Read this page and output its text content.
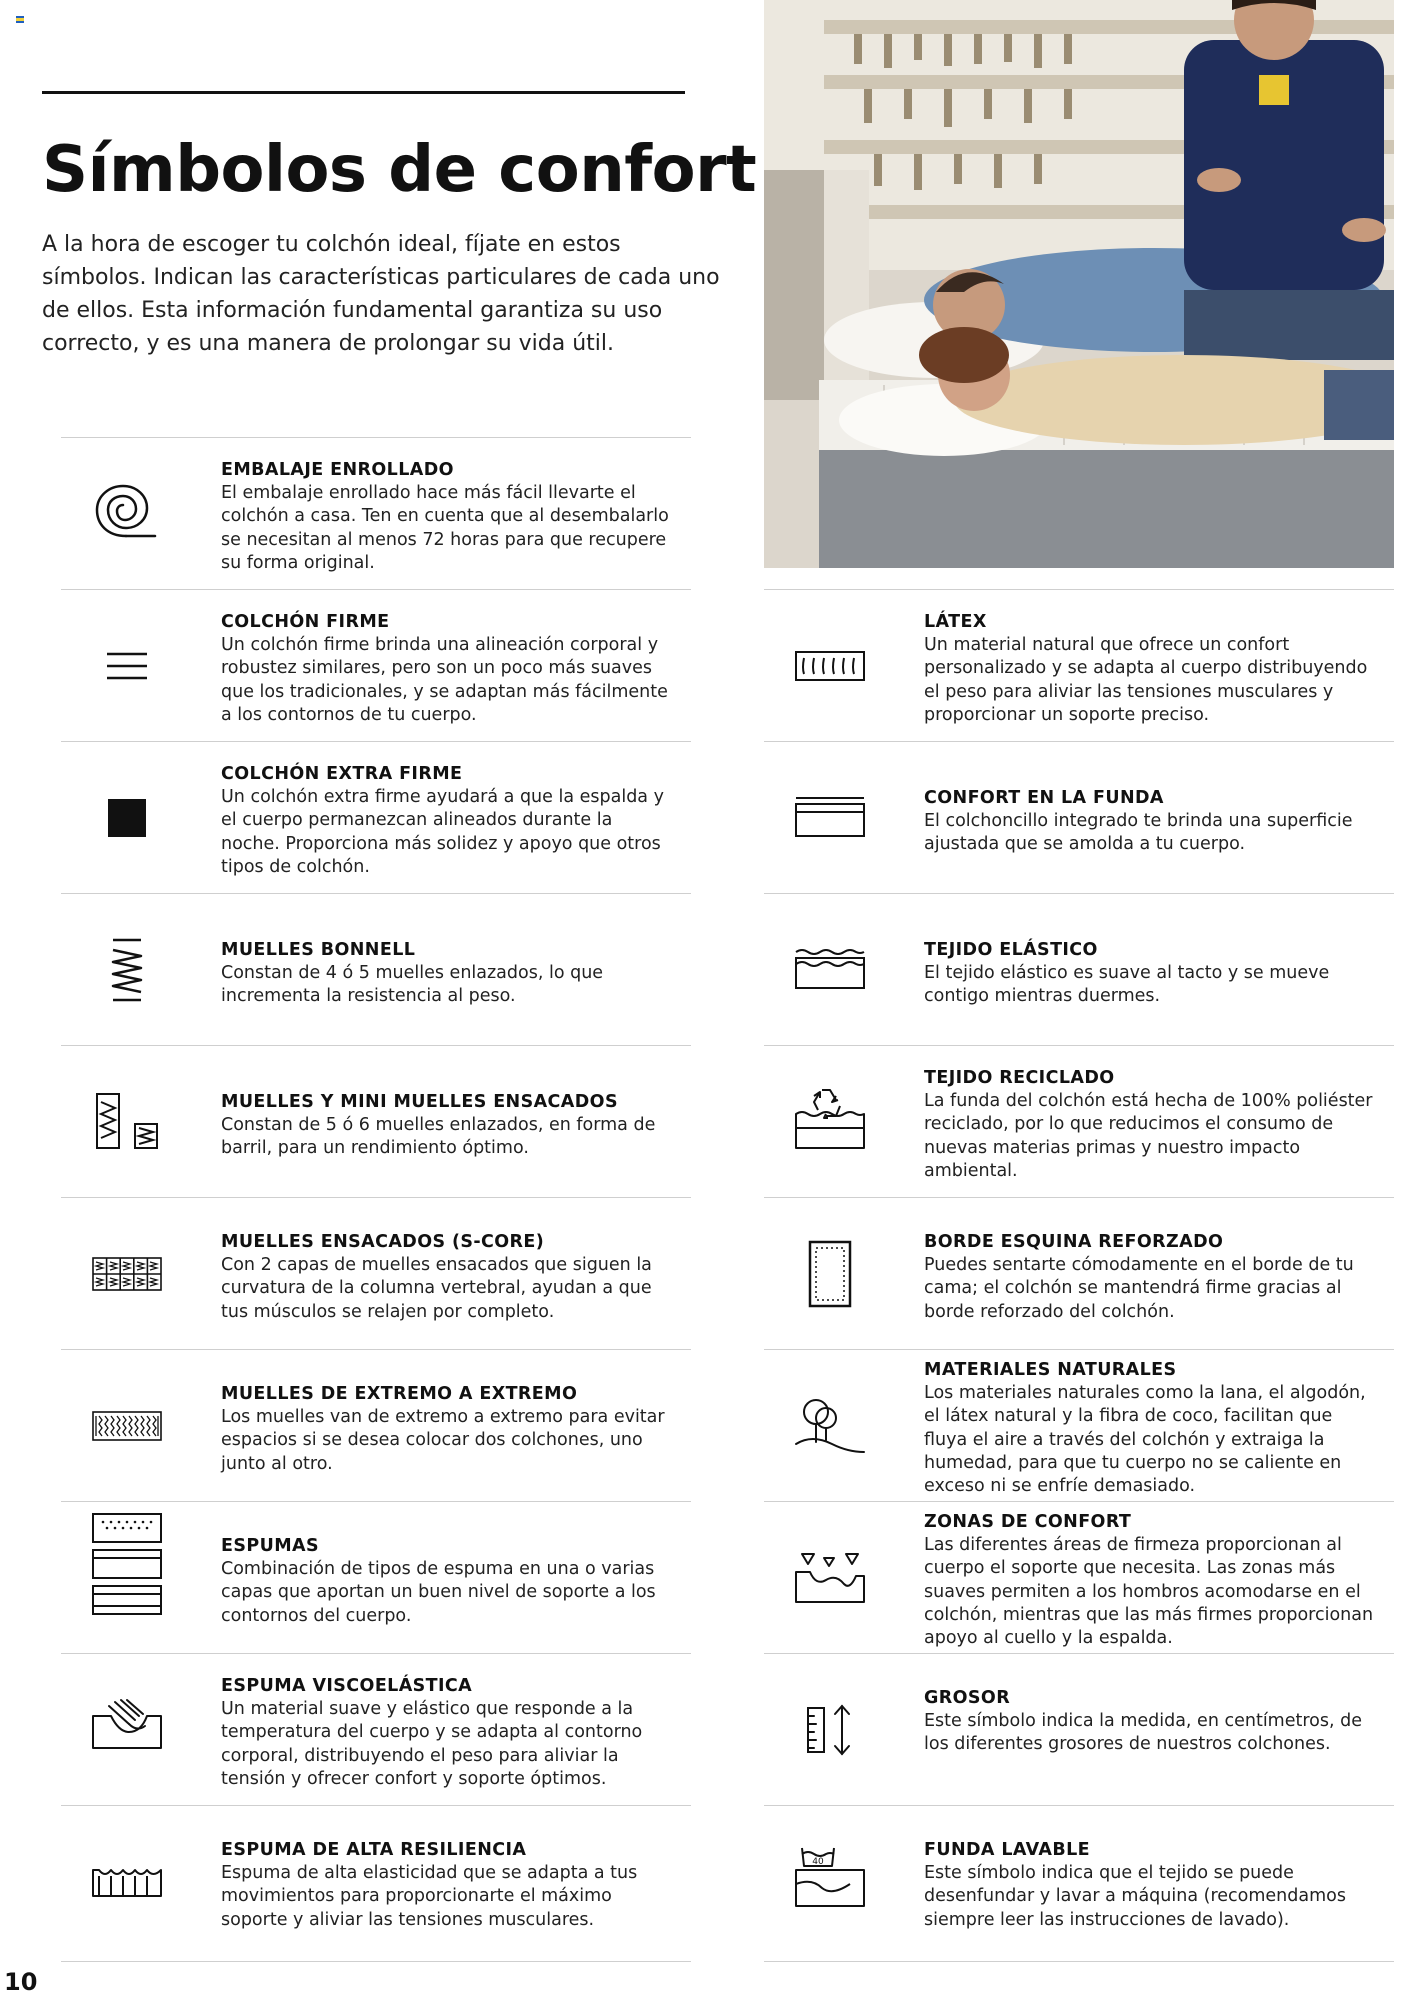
Símbolos de confort

A la hora de escoger tu colchón ideal, fíjate en estos símbolos. Indican las características particulares de cada uno de ellos. Esta información fundamental garantiza su uso correcto, y es una manera de prolongar su vida útil.

EMBALAJE ENROLLADO
El embalaje enrollado hace más fácil llevarte el colchón a casa. Ten en cuenta que al desembalarlo se necesitan al menos 72 horas para que recupere su forma original.
COLCHÓN FIRME
Un colchón firme brinda una alineación corporal y robustez similares, pero son un poco más suaves que los tradicionales, y se adaptan más fácilmente a los contornos de tu cuerpo.
COLCHÓN EXTRA FIRME
Un colchón extra firme ayudará a que la espalda y el cuerpo permanezcan alineados durante la noche. Proporciona más solidez y apoyo que otros tipos de colchón.
MUELLES BONNELL
Constan de 4 ó 5 muelles enlazados, lo que incrementa la resistencia al peso.
MUELLES Y MINI MUELLES ENSACADOS
Constan de 5 ó 6 muelles enlazados, en forma de barril, para un rendimiento óptimo.
MUELLES ENSACADOS (S-CORE)
Con 2 capas de muelles ensacados que siguen la curvatura de la columna vertebral, ayudan a que tus músculos se relajen por completo.
MUELLES DE EXTREMO A EXTREMO
Los muelles van de extremo a extremo para evitar espacios si se desea colocar dos colchones, uno junto al otro.
ESPUMAS
Combinación de tipos de espuma en una o varias capas que aportan un buen nivel de soporte a los contornos del cuerpo.
ESPUMA VISCOELÁSTICA
Un material suave y elástico que responde a la temperatura del cuerpo y se adapta al contorno corporal, distribuyendo el peso para aliviar la tensión y ofrecer confort y soporte óptimos.
ESPUMA DE ALTA RESILIENCIA
Espuma de alta elasticidad que se adapta a tus movimientos para proporcionarte el máximo soporte y aliviar las tensiones musculares.
LÁTEX
Un material natural que ofrece un confort personalizado y se adapta al cuerpo distribuyendo el peso para aliviar las tensiones musculares y proporcionar un soporte preciso.
CONFORT EN LA FUNDA
El colchoncillo integrado te brinda una superficie ajustada que se amolda a tu cuerpo.
TEJIDO ELÁSTICO
El tejido elástico es suave al tacto y se mueve contigo mientras duermes.
TEJIDO RECICLADO
La funda del colchón está hecha de 100% poliéster reciclado, por lo que reducimos el consumo de nuevas materias primas y nuestro impacto ambiental.
BORDE ESQUINA REFORZADO
Puedes sentarte cómodamente en el borde de tu cama; el colchón se mantendrá firme gracias al borde reforzado del colchón.
MATERIALES NATURALES
Los materiales naturales como la lana, el algodón, el látex natural y la fibra de coco, facilitan que fluya el aire a través del colchón y extraiga la humedad, para que tu cuerpo no se caliente en exceso ni se enfríe demasiado.
ZONAS DE CONFORT
Las diferentes áreas de firmeza proporcionan al cuerpo el soporte que necesita. Las zonas más suaves permiten a los hombros acomodarse en el colchón, mientras que las más firmes proporcionan apoyo al cuello y la espalda.
GROSOR
Este símbolo indica la medida, en centímetros, de los diferentes grosores de nuestros colchones.
40
FUNDA LAVABLE
Este símbolo indica que el tejido se puede desenfundar y lavar a máquina (recomendamos siempre leer las instrucciones de lavado).
10
